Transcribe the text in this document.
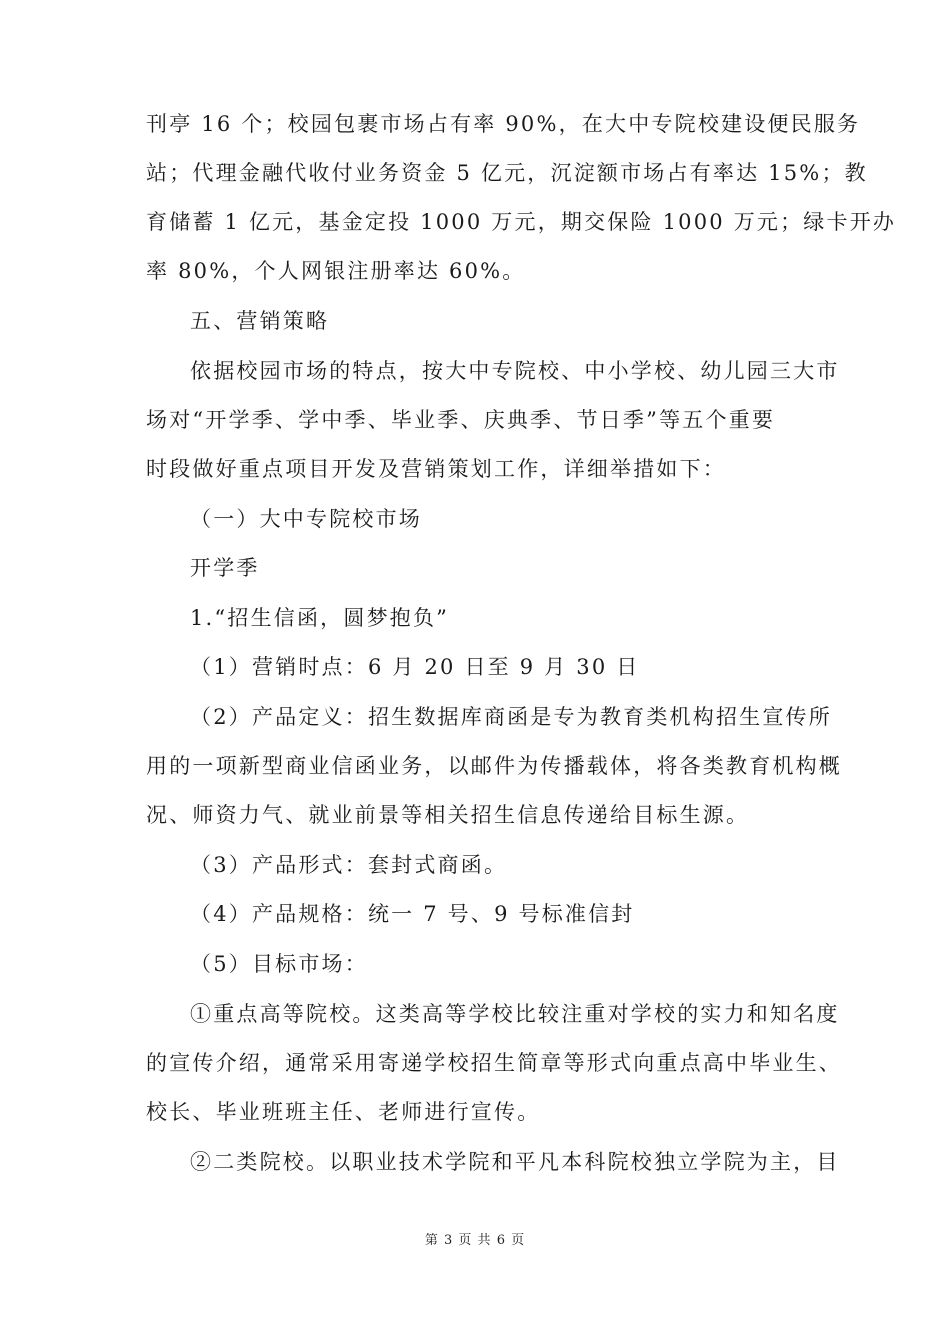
刊亭 16 个；校园包裹市场占有率 90%，在大中专院校建设便民服务
站；代理金融代收付业务资金 5 亿元，沉淀额市场占有率达 15%；教
育储蓄 1 亿元，基金定投 1000 万元，期交保险 1000 万元；绿卡开办
率 80%，个人网银注册率达 60%。
五、营销策略
依据校园市场的特点，按大中专院校、中小学校、幼儿园三大市
场对“开学季、学中季、毕业季、庆典季、节日季”等五个重要
时段做好重点项目开发及营销策划工作，详细举措如下：
（一）大中专院校市场
开学季
1.“招生信函，圆梦抱负”
（1）营销时点：6 月 20 日至 9 月 30 日
（2）产品定义：招生数据库商函是专为教育类机构招生宣传所
用的一项新型商业信函业务，以邮件为传播载体，将各类教育机构概
况、师资力气、就业前景等相关招生信息传递给目标生源。
（3）产品形式：套封式商函。
（4）产品规格：统一 7 号、9 号标准信封
（5）目标市场：
①重点高等院校。这类高等学校比较注重对学校的实力和知名度
的宣传介绍，通常采用寄递学校招生简章等形式向重点高中毕业生、
校长、毕业班班主任、老师进行宣传。
②二类院校。以职业技术学院和平凡本科院校独立学院为主，目
第 3 页 共 6 页
